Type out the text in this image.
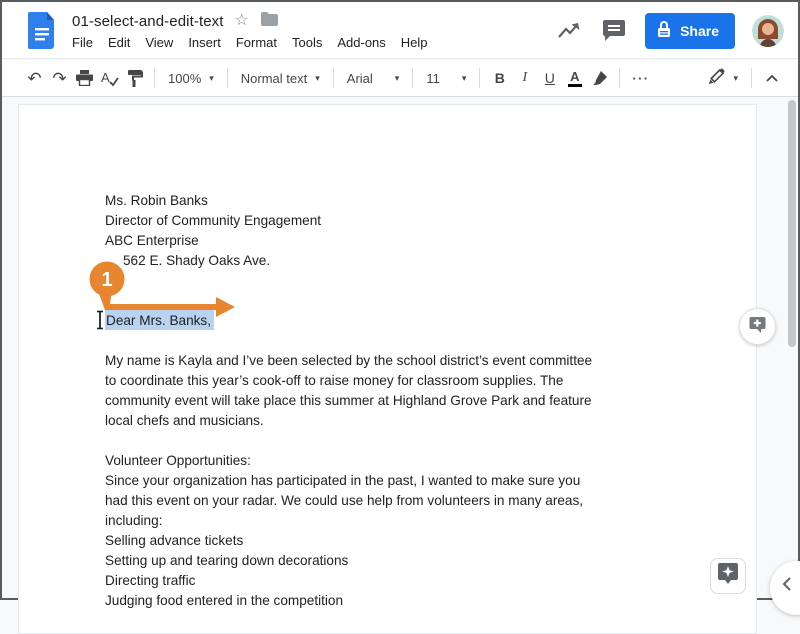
01-select-and-edit-text ☆
File Edit View Insert Format Tools Add-ons Help
Share
↶ ↷	A	100% ▾ Normal text ▾ Arial ▾ 11 ▾ B I U A	⋯	▾
Ms. Robin Banks
Director of Community Engagement
ABC Enterprise
562 E. Shady Oaks Ave.
Dear Mrs. Banks,
My name is Kayla and I’ve been selected by the school district’s event committee
to coordinate this year’s cook-off to raise money for classroom supplies. The
community event will take place this summer at Highland Grove Park and feature
local chefs and musicians.
Volunteer Opportunities:
Since your organization has participated in the past, I wanted to make sure you
had this event on your radar. We could use help from volunteers in many areas,
including:
Selling advance tickets
Setting up and tearing down decorations
Directing traffic
Judging food entered in the competition
1
